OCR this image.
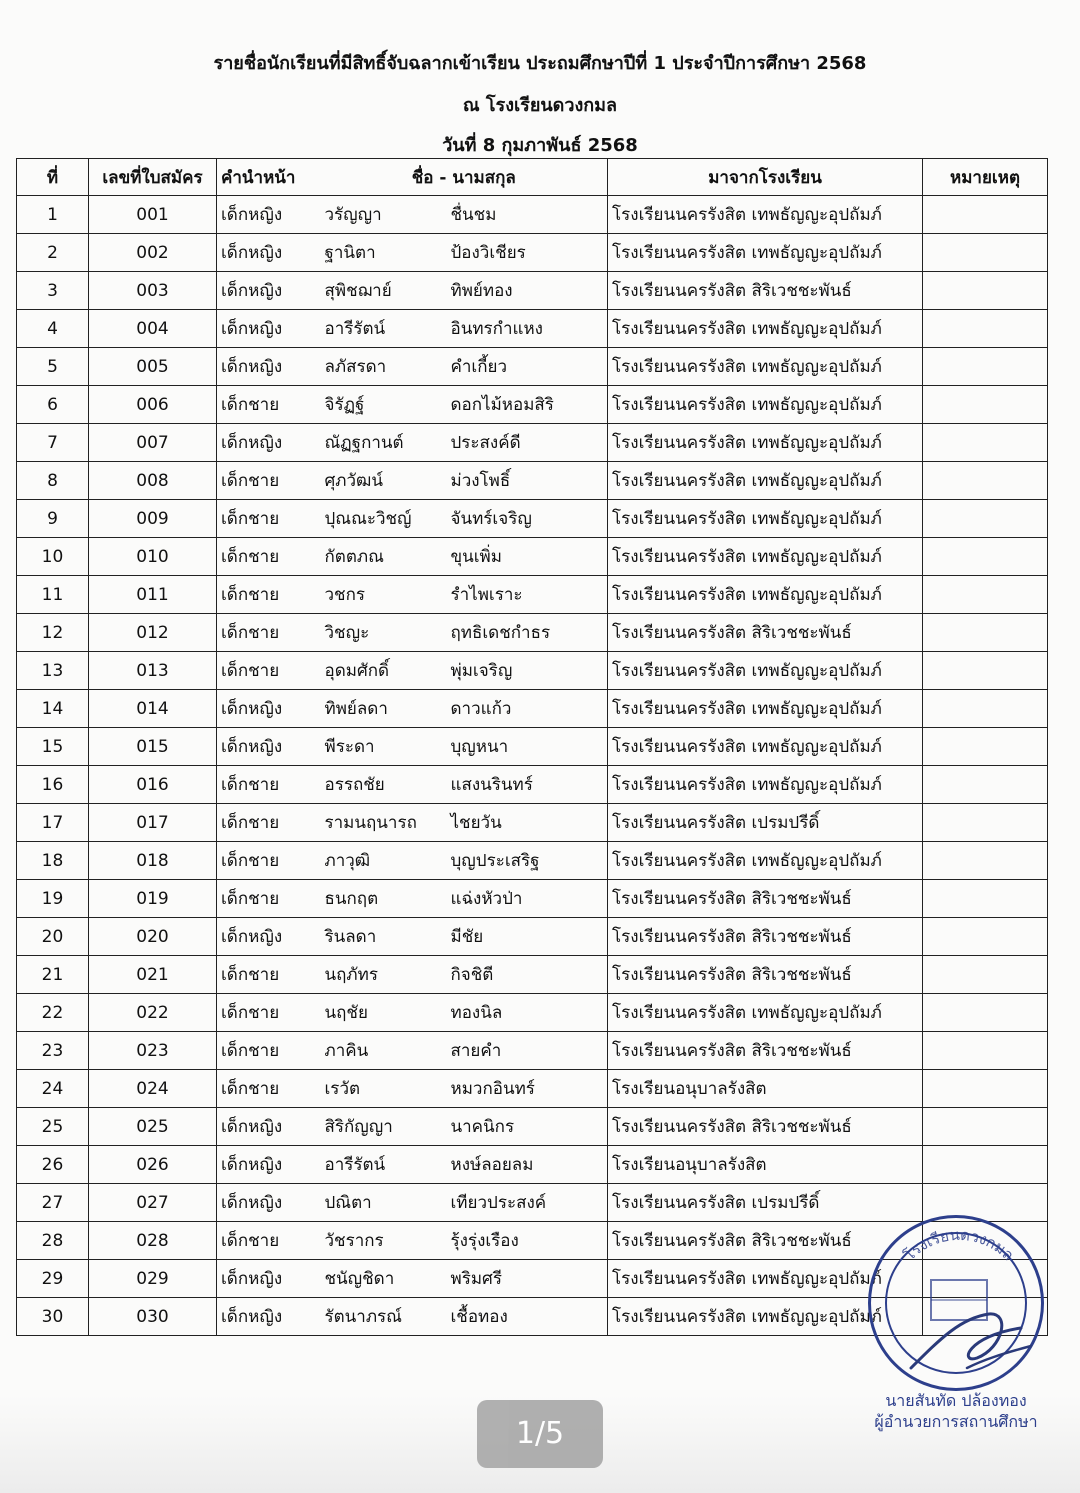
รายชื่อนักเรียนที่มีสิทธิ์จับฉลากเข้าเรียน ประถมศึกษาปีที่ 1 ประจำปีการศึกษา 2568
ณ โรงเรียนดวงกมล
วันที่ 8 กุมภาพันธ์ 2568
ที่	เลขที่ใบสมัคร	คำนำหน้า	ชื่อ - นามสกุล		มาจากโรงเรียน	หมายเหตุ
1	001	เด็กหญิง	วรัญญา	ชื่นชม	โรงเรียนนครรังสิต เทพธัญญะอุปถัมภ์	
2	002	เด็กหญิง	ฐานิตา	ป้องวิเชียร	โรงเรียนนครรังสิต เทพธัญญะอุปถัมภ์	
3	003	เด็กหญิง	สุพิชฌาย์	ทิพย์ทอง	โรงเรียนนครรังสิต สิริเวชชะพันธ์	
4	004	เด็กหญิง	อารีรัตน์	อินทรกำแหง	โรงเรียนนครรังสิต เทพธัญญะอุปถัมภ์	
5	005	เด็กหญิง	ลภัสรดา	คำเกี้ยว	โรงเรียนนครรังสิต เทพธัญญะอุปถัมภ์	
6	006	เด็กชาย	จิรัฏฐ์	ดอกไม้หอมสิริ	โรงเรียนนครรังสิต เทพธัญญะอุปถัมภ์	
7	007	เด็กหญิง	ณัฏฐกานต์	ประสงค์ดี	โรงเรียนนครรังสิต เทพธัญญะอุปถัมภ์	
8	008	เด็กชาย	ศุภวัฒน์	ม่วงโพธิ์	โรงเรียนนครรังสิต เทพธัญญะอุปถัมภ์	
9	009	เด็กชาย	ปุณณะวิชญ์	จันทร์เจริญ	โรงเรียนนครรังสิต เทพธัญญะอุปถัมภ์	
10	010	เด็กชาย	กัตตภณ	ขุนเพิ่ม	โรงเรียนนครรังสิต เทพธัญญะอุปถัมภ์	
11	011	เด็กชาย	วชกร	รำไพเราะ	โรงเรียนนครรังสิต เทพธัญญะอุปถัมภ์	
12	012	เด็กชาย	วิชญะ	ฤทธิเดชกำธร	โรงเรียนนครรังสิต สิริเวชชะพันธ์	
13	013	เด็กชาย	อุดมศักดิ์	พุ่มเจริญ	โรงเรียนนครรังสิต เทพธัญญะอุปถัมภ์	
14	014	เด็กหญิง	ทิพย์ลดา	ดาวแก้ว	โรงเรียนนครรังสิต เทพธัญญะอุปถัมภ์	
15	015	เด็กหญิง	พีระดา	บุญหนา	โรงเรียนนครรังสิต เทพธัญญะอุปถัมภ์	
16	016	เด็กชาย	อรรถชัย	แสงนรินทร์	โรงเรียนนครรังสิต เทพธัญญะอุปถัมภ์	
17	017	เด็กชาย	รามนฤนารถ	ไชยวัน	โรงเรียนนครรังสิต เปรมปรีดิ์	
18	018	เด็กชาย	ภาวุฒิ	บุญประเสริฐ	โรงเรียนนครรังสิต เทพธัญญะอุปถัมภ์	
19	019	เด็กชาย	ธนกฤต	แฉ่งหัวป่า	โรงเรียนนครรังสิต สิริเวชชะพันธ์	
20	020	เด็กหญิง	รินลดา	มีชัย	โรงเรียนนครรังสิต สิริเวชชะพันธ์	
21	021	เด็กชาย	นฤภัทร	กิจชิตี	โรงเรียนนครรังสิต สิริเวชชะพันธ์	
22	022	เด็กชาย	นฤชัย	ทองนิล	โรงเรียนนครรังสิต เทพธัญญะอุปถัมภ์	
23	023	เด็กชาย	ภาคิน	สายคำ	โรงเรียนนครรังสิต สิริเวชชะพันธ์	
24	024	เด็กชาย	เรวัต	หมวกอินทร์	โรงเรียนอนุบาลรังสิต	
25	025	เด็กหญิง	สิริกัญญา	นาคนิกร	โรงเรียนนครรังสิต สิริเวชชะพันธ์	
26	026	เด็กหญิง	อารีรัตน์	หงษ์ลอยลม	โรงเรียนอนุบาลรังสิต	
27	027	เด็กหญิง	ปณิตา	เทียวประสงค์	โรงเรียนนครรังสิต เปรมปรีดิ์	
28	028	เด็กชาย	วัชรากร	รุ้งรุ่งเรือง	โรงเรียนนครรังสิต สิริเวชชะพันธ์	
29	029	เด็กหญิง	ชนัญชิดา	พริมศรี	โรงเรียนนครรังสิต เทพธัญญะอุปถัมภ์	
30	030	เด็กหญิง	รัตนาภรณ์	เชื้อทอง	โรงเรียนนครรังสิต เทพธัญญะอุปถัมภ์	
โรงเรียนดวงกมล
นายสันทัด ปล้องทอง
ผู้อำนวยการสถานศึกษา
1/5
